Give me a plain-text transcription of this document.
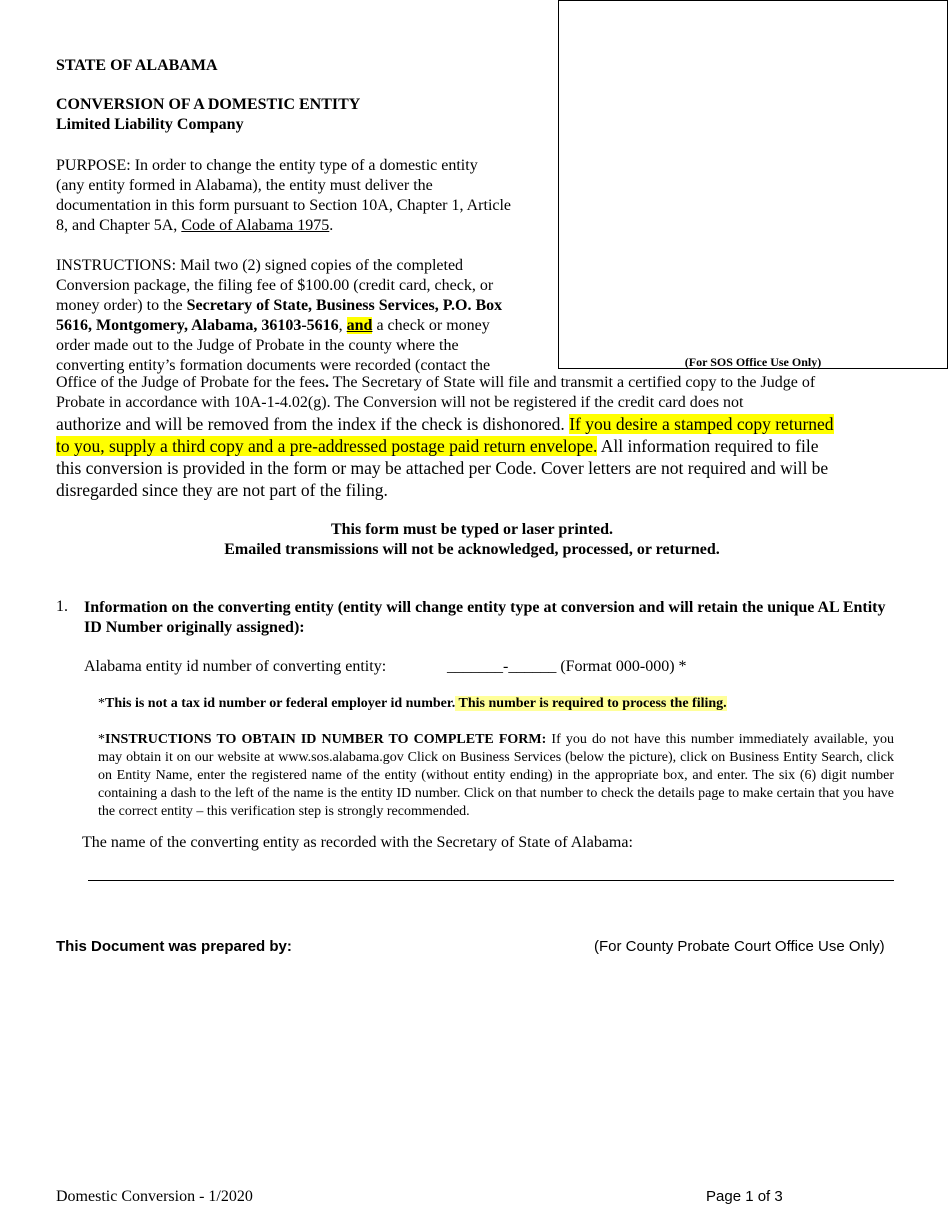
(For SOS Office Use Only)
STATE OF ALABAMA
CONVERSION OF A DOMESTIC ENTITY
Limited Liability Company
PURPOSE: In order to change the entity type of a domestic entity
(any entity formed in Alabama), the entity must deliver the
documentation in this form pursuant to Section 10A, Chapter 1, Article
8, and Chapter 5A, Code of Alabama 1975.
INSTRUCTIONS: Mail two (2) signed copies of the completed
Conversion package, the filing fee of $100.00 (credit card, check, or
money order) to the Secretary of State, Business Services, P.O. Box
5616, Montgomery, Alabama, 36103-5616, and a check or money
order made out to the Judge of Probate in the county where the
converting entity’s formation documents were recorded (contact the
Office of the Judge of Probate for the fees. The Secretary of State will file and transmit a certified copy to the Judge of
Probate in accordance with 10A-1-4.02(g). The Conversion will not be registered if the credit card does not
authorize and will be removed from the index if the check is dishonored. If you desire a stamped copy returned
to you, supply a third copy and a pre-addressed postage paid return envelope. All information required to file
this conversion is provided in the form or may be attached per Code. Cover letters are not required and will be
disregarded since they are not part of the filing.
This form must be typed or laser printed.
Emailed transmissions will not be acknowledged, processed, or returned.
1. Information on the converting entity (entity will change entity type at conversion and will retain the unique AL Entity ID Number originally assigned):
Alabama entity id number of converting entity:	_______-______ (Format 000-000) *
*This is not a tax id number or federal employer id number. This number is required to process the filing.
*INSTRUCTIONS TO OBTAIN ID NUMBER TO COMPLETE FORM: If you do not have this number immediately available, you may obtain it on our website at www.sos.alabama.gov Click on Business Services (below the picture), click on Business Entity Search, click on Entity Name, enter the registered name of the entity (without entity ending) in the appropriate box, and enter. The six (6) digit number containing a dash to the left of the name is the entity ID number. Click on that number to check the details page to make certain that you have the correct entity – this verification step is strongly recommended.
The name of the converting entity as recorded with the Secretary of State of Alabama:
This Document was prepared by:	(For County Probate Court Office Use Only)
Domestic Conversion - 1/2020	Page 1 of 3
